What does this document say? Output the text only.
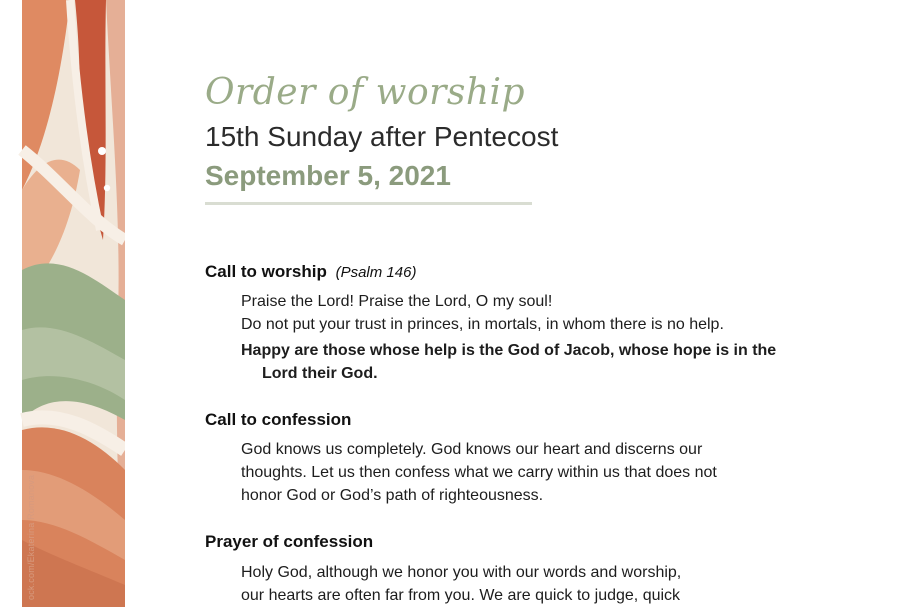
ock.com/Ekaterina Romanova
Order of worship
15th Sunday after Pentecost
September 5, 2021
Call to worship (Psalm 146)
Praise the Lord! Praise the Lord, O my soul!
Do not put your trust in princes, in mortals, in whom there is no help.
Happy are those whose help is the God of Jacob, whose hope is in the
Lord their God.
Call to confession
God knows us completely. God knows our heart and discerns our
thoughts. Let us then confess what we carry within us that does not
honor God or God’s path of righteousness.
Prayer of confession
Holy God, although we honor you with our words and worship,
our hearts are often far from you. We are quick to judge, quick
